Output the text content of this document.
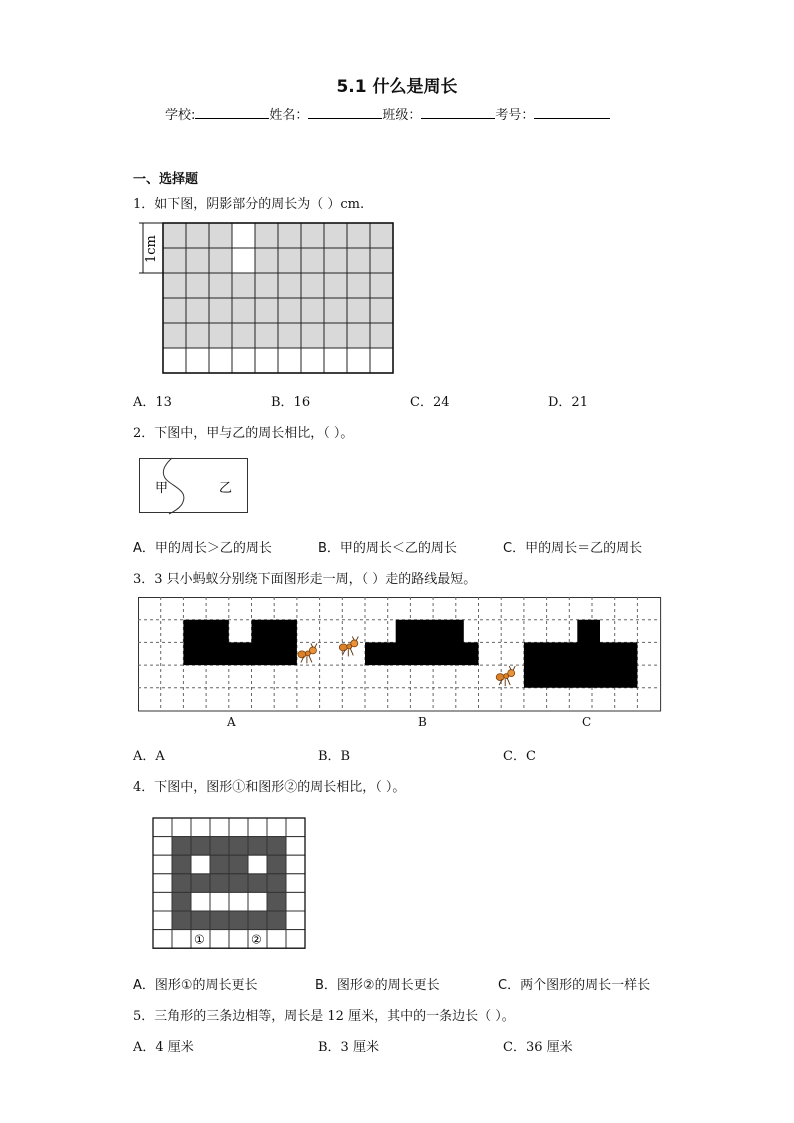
5.1 什么是周长
学校:	姓名：	班级：	考号：
一、选择题
1．如下图，阴影部分的周长为（ ）cm.
1cm
A．13	B．16	C．24	D．21
2．下图中，甲与乙的周长相比，（ ）。
甲	乙
A．甲的周长＞乙的周长	B．甲的周长＜乙的周长	C．甲的周长＝乙的周长
3．3 只小蚂蚁分别绕下面图形走一周，（ ）走的路线最短。
A	B	C
A．A	B．B	C．C
4．下图中，图形①和图形②的周长相比，（ ）。
①	②
A．图形①的周长更长	B．图形②的周长更长	C．两个图形的周长一样长
5．三角形的三条边相等，周长是 12 厘米，其中的一条边长（ ）。
A．4 厘米	B．3 厘米	C．36 厘米
